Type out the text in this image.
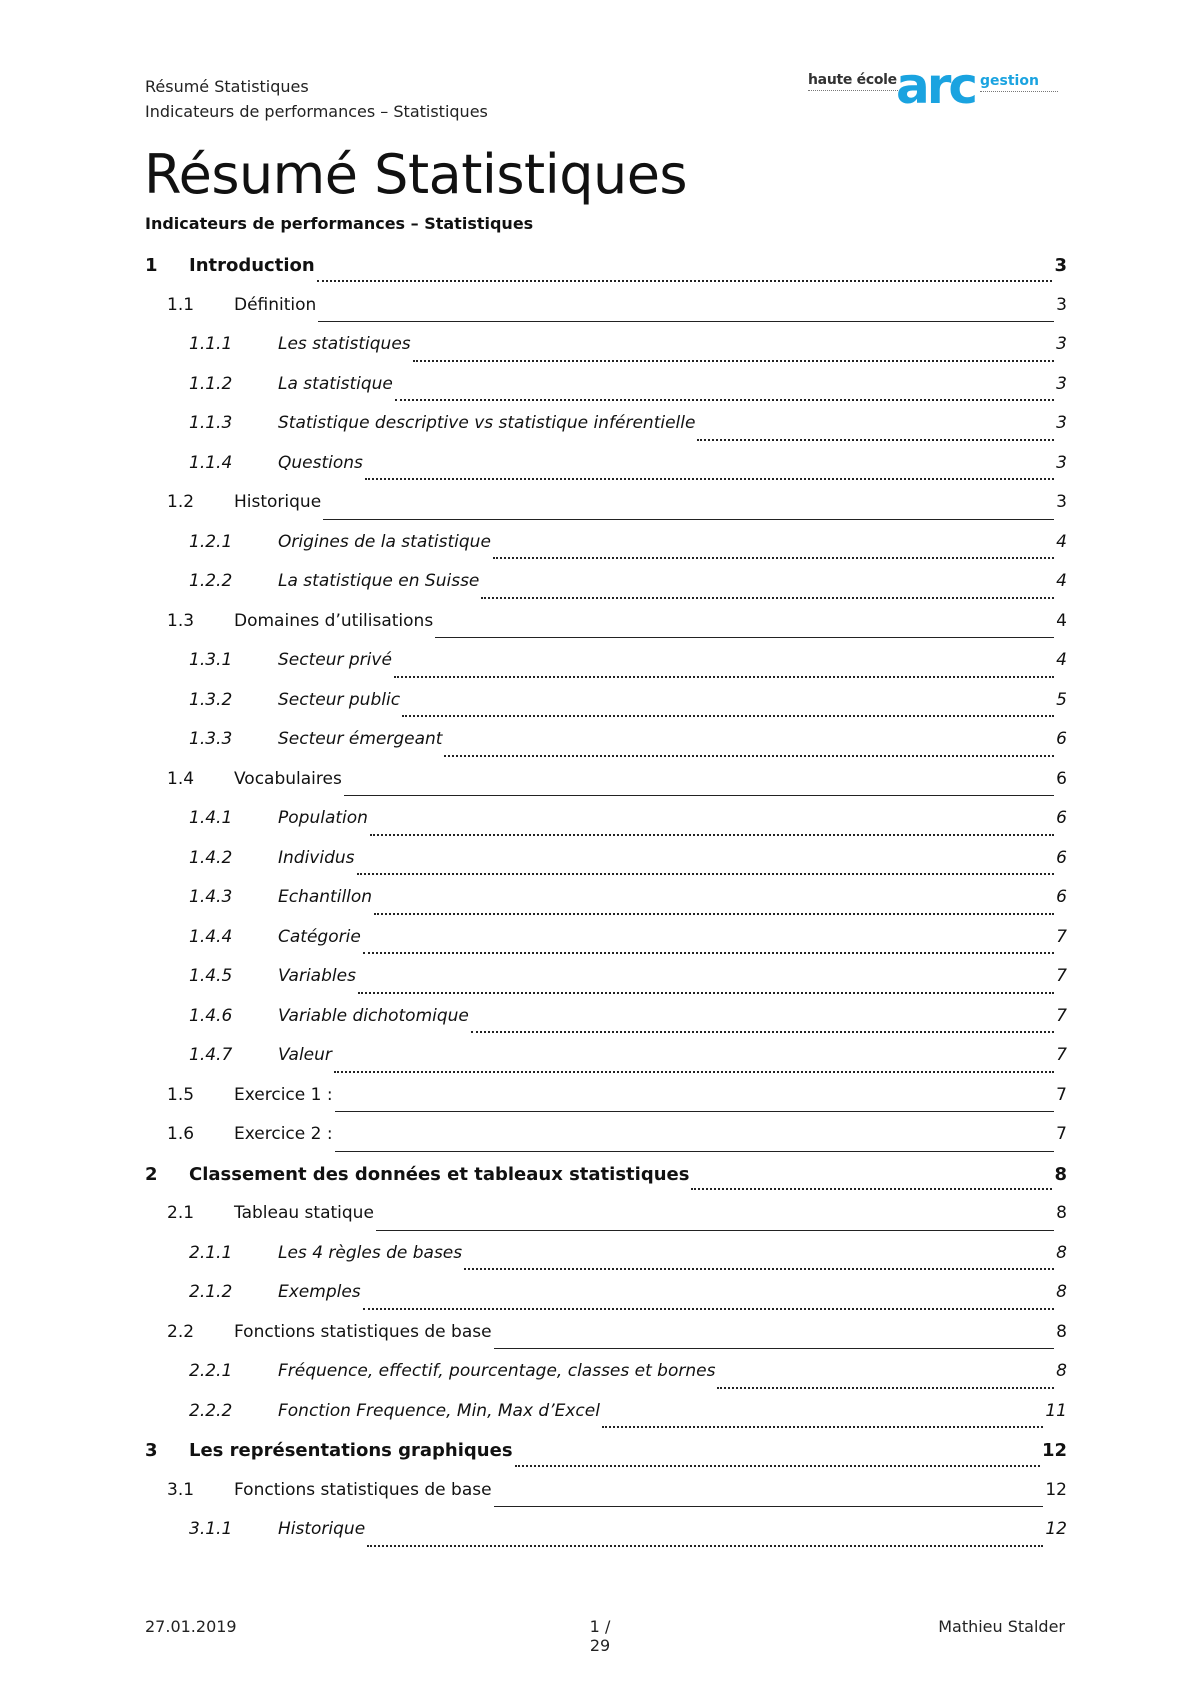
Résumé Statistiques
Indicateurs de performances – Statistiques
haute école arc gestion
Résumé Statistiques
Indicateurs de performances – Statistiques
1	Introduction	3
1.1	Définition	3
1.1.1	Les statistiques	3
1.1.2	La statistique	3
1.1.3	Statistique descriptive vs statistique inférentielle	3
1.1.4	Questions	3
1.2	Historique	3
1.2.1	Origines de la statistique	4
1.2.2	La statistique en Suisse	4
1.3	Domaines d’utilisations	4
1.3.1	Secteur privé	4
1.3.2	Secteur public	5
1.3.3	Secteur émergeant	6
1.4	Vocabulaires	6
1.4.1	Population	6
1.4.2	Individus	6
1.4.3	Echantillon	6
1.4.4	Catégorie	7
1.4.5	Variables	7
1.4.6	Variable dichotomique	7
1.4.7	Valeur	7
1.5	Exercice 1 :	7
1.6	Exercice 2 :	7
2	Classement des données et tableaux statistiques	8
2.1	Tableau statique	8
2.1.1	Les 4 règles de bases	8
2.1.2	Exemples	8
2.2	Fonctions statistiques de base	8
2.2.1	Fréquence, effectif, pourcentage, classes et bornes	8
2.2.2	Fonction Frequence, Min, Max d’Excel	11
3	Les représentations graphiques	12
3.1	Fonctions statistiques de base	12
3.1.1	Historique	12
27.01.2019	1 / 29
Mathieu Stalder
